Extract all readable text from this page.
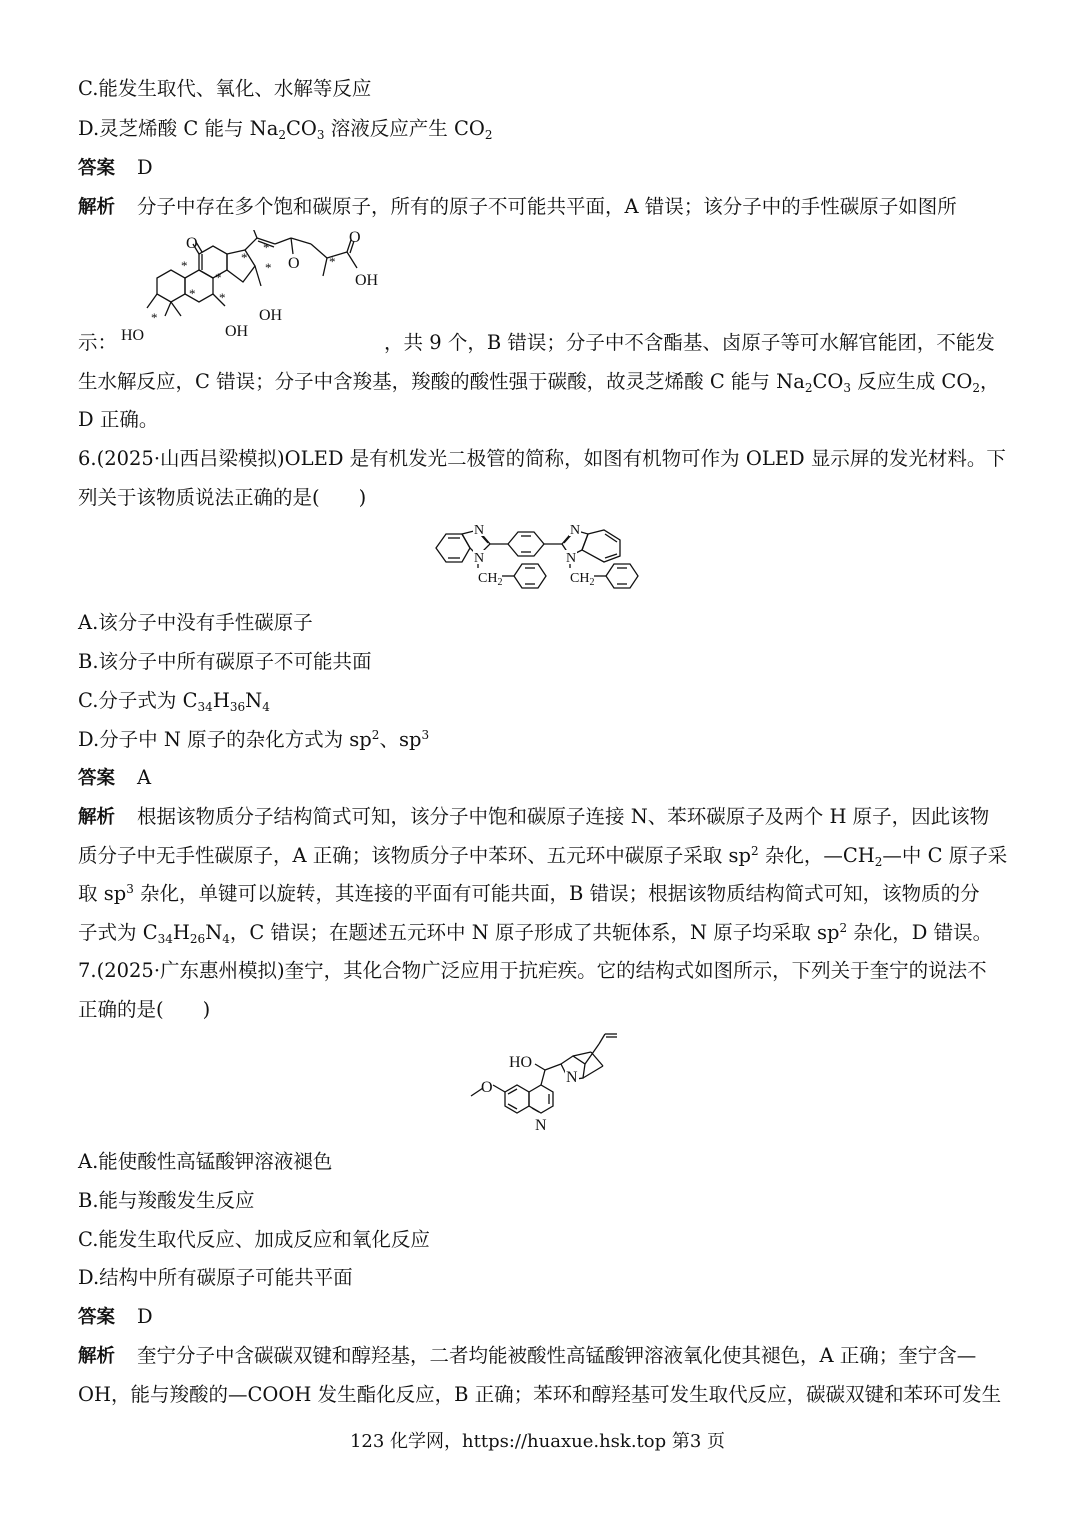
C.能发生取代、氧化、水解等反应
D.灵芝烯酸 C 能与 $Na_2CO_3$ 溶液反应产生 $CO_2$
答案 D
解析 分子中存在多个饱和碳原子，所有的原子不可能共平面，A 错误；该分子中的手性碳原子如图所
O
O
O
OH
OH
HO	OH
*
*
* *
*
*
*
*
*
示：	，共 9 个，B 错误；分子中不含酯基、卤原子等可水解官能团，不能发
生水解反应，C 错误；分子中含羧基，羧酸的酸性强于碳酸，故灵芝烯酸 C 能与 $Na_2CO_3$ 反应生成 $CO_2$，
D 正确。
6.(2025·山西吕梁模拟)OLED 是有机发光二极管的简称，如图有机物可作为 OLED 显示屏的发光材料。下
列关于该物质说法正确的是(　　)
N
N
N
N
$CH_2$	$CH_2$
A.该分子中没有手性碳原子
B.该分子中所有碳原子不可能共面
C.分子式为 $C_{34}H_{36}N_4$
D.分子中 N 原子的杂化方式为 $sp^2$、$sp^3$
答案 A
解析 根据该物质分子结构简式可知，该分子中饱和碳原子连接 N、苯环碳原子及两个 H 原子，因此该物
质分子中无手性碳原子，A 正确；该物质分子中苯环、五元环中碳原子采取 $sp^2$ 杂化，$—CH_2—$中 C 原子采
取 $sp^3$ 杂化，单键可以旋转，其连接的平面有可能共面，B 错误；根据该物质结构简式可知，该物质的分
子式为 $C_{34}H_{26}N_4$，C 错误；在题述五元环中 N 原子形成了共轭体系，N 原子均采取 $sp^2$ 杂化，D 错误。
7.(2025·广东惠州模拟)奎宁，其化合物广泛应用于抗疟疾。它的结构式如图所示，下列关于奎宁的说法不
正确的是(　　)
HO
N
N
O
A.能使酸性高锰酸钾溶液褪色
B.能与羧酸发生反应
C.能发生取代反应、加成反应和氧化反应
D.结构中所有碳原子可能共平面
答案 D
解析 奎宁分子中含碳碳双键和醇羟基，二者均能被酸性高锰酸钾溶液氧化使其褪色，A 正确；奎宁含—
OH，能与羧酸的—COOH 发生酯化反应，B 正确；苯环和醇羟基可发生取代反应，碳碳双键和苯环可发生
123 化学网，https://huaxue.hsk.top 第3 页
